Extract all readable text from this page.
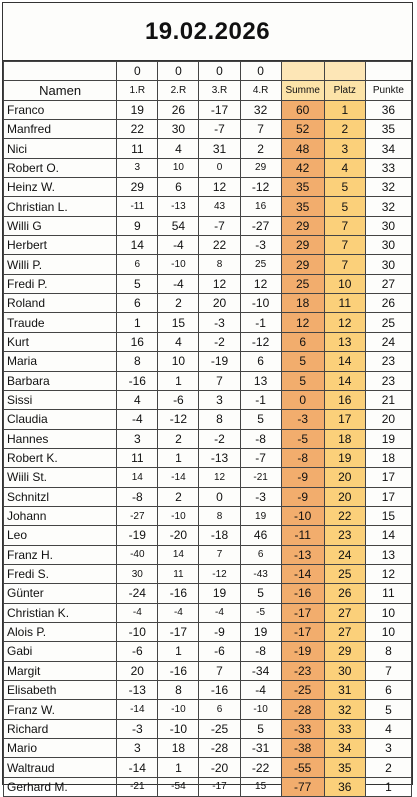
19.02.2026
	0	0	0	0			
Namen	1.R	2.R	3.R	4.R	Summe	Platz	Punkte
Franco	19	26	-17	32	60	1	36
Manfred	22	30	-7	7	52	2	35
Nici	11	4	31	2	48	3	34
Robert O.	3	10	0	29	42	4	33
Heinz W.	29	6	12	-12	35	5	32
Christian L.	-11	-13	43	16	35	5	32
Willi G	9	54	-7	-27	29	7	30
Herbert	14	-4	22	-3	29	7	30
Willi P.	6	-10	8	25	29	7	30
Fredi P.	5	-4	12	12	25	10	27
Roland	6	2	20	-10	18	11	26
Traude	1	15	-3	-1	12	12	25
Kurt	16	4	-2	-12	6	13	24
Maria	8	10	-19	6	5	14	23
Barbara	-16	1	7	13	5	14	23
Sissi	4	-6	3	-1	0	16	21
Claudia	-4	-12	8	5	-3	17	20
Hannes	3	2	-2	-8	-5	18	19
Robert K.	11	1	-13	-7	-8	19	18
Wiili St.	14	-14	12	-21	-9	20	17
Schnitzl	-8	2	0	-3	-9	20	17
Johann	-27	-10	8	19	-10	22	15
Leo	-19	-20	-18	46	-11	23	14
Franz H.	-40	14	7	6	-13	24	13
Fredi S.	30	11	-12	-43	-14	25	12
Günter	-24	-16	19	5	-16	26	11
Christian K.	-4	-4	-4	-5	-17	27	10
Alois P.	-10	-17	-9	19	-17	27	10
Gabi	-6	1	-6	-8	-19	29	8
Margit	20	-16	7	-34	-23	30	7
Elisabeth	-13	8	-16	-4	-25	31	6
Franz W.	-14	-10	6	-10	-28	32	5
Richard	-3	-10	-25	5	-33	33	4
Mario	3	18	-28	-31	-38	34	3
Waltraud	-14	1	-20	-22	-55	35	2
Gerhard M.	-21	-54	-17	15	-77	36	1
